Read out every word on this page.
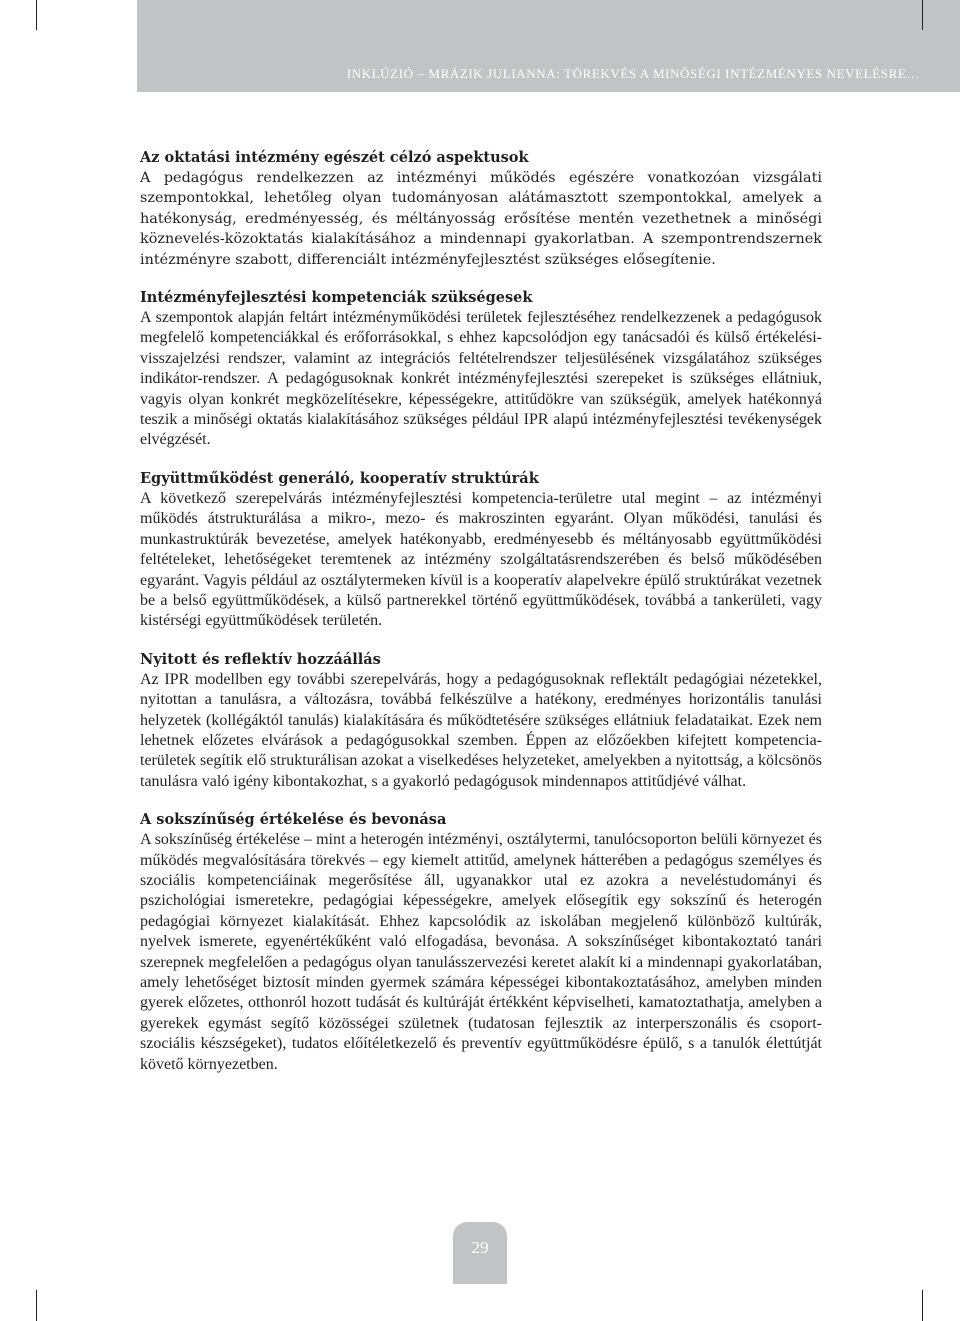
INKLÚZIÓ – MRÁZIK JULIANNA: TÖREKVÉS A MINŐSÉGI INTÉZMÉNYES NEVELÉSRE…
Az oktatási intézmény egészét célzó aspektusok

A pedagógus rendelkezzen az intézményi működés egészére vonatkozóan vizsgálati szempontokkal, lehetőleg olyan tudományosan alátámasztott szempontokkal, amelyek a hatékonyság, eredményesség, és méltányosság erősítése mentén vezethetnek a minőségi köznevelés-közoktatás kialakításához a mindennapi gyakorlatban. A szempontrendszernek intézményre szabott, differenciált intézményfejlesztést szükséges elősegítenie.

Intézményfejlesztési kompetenciák szükségesek

A szempontok alapján feltárt intézményműködési területek fejlesztéséhez rendelkezzenek a pedagógusok megfelelő kompetenciákkal és erőforrásokkal, s ehhez kapcsolódjon egy tanácsadói és külső értékelési-visszajelzési rendszer, valamint az integrációs feltételrendszer teljesülésének vizsgálatához szükséges indikátor-rendszer. A pedagógusoknak konkrét intézményfejlesztési szerepeket is szükséges ellátniuk, vagyis olyan konkrét megközelítésekre, képességekre, attitűdökre van szükségük, amelyek hatékonnyá teszik a minőségi oktatás kialakításához szükséges például IPR alapú intézményfejlesztési tevékenységek elvégzését.

Együttműködést generáló, kooperatív struktúrák

A következő szerepelvárás intézményfejlesztési kompetencia-területre utal megint – az intézményi működés átstrukturálása a mikro-, mezo- és makroszinten egyaránt. Olyan működési, tanulási és munkastruktúrák bevezetése, amelyek hatékonyabb, eredményesebb és méltányosabb együttműködési feltételeket, lehetőségeket teremtenek az intézmény szolgáltatásrendszerében és belső működésében egyaránt. Vagyis például az osztálytermeken kívül is a kooperatív alapelvekre épülő struktúrákat vezetnek be a belső együttműködések, a külső partnerekkel történő együttműködések, továbbá a tankerületi, vagy kistérségi együttműködések területén.

Nyitott és reflektív hozzáállás

Az IPR modellben egy további szerepelvárás, hogy a pedagógusoknak reflektált pedagógiai nézetekkel, nyitottan a tanulásra, a változásra, továbbá felkészülve a hatékony, eredményes horizontális tanulási helyzetek (kollégáktól tanulás) kialakítására és működtetésére szükséges ellátniuk feladataikat. Ezek nem lehetnek előzetes elvárások a pedagógusokkal szemben. Éppen az előzőekben kifejtett kompetencia-területek segítik elő strukturálisan azokat a viselkedéses helyzeteket, amelyekben a nyitottság, a kölcsönös tanulásra való igény kibontakozhat, s a gyakorló pedagógusok mindennapos attitűdjévé válhat.

A sokszínűség értékelése és bevonása

A sokszínűség értékelése – mint a heterogén intézményi, osztálytermi, tanulócsoporton belüli környezet és működés megvalósítására törekvés – egy kiemelt attitűd, amelynek hátterében a pedagógus személyes és szociális kompetenciáinak megerősítése áll, ugyanakkor utal ez azokra a neveléstudományi és pszichológiai ismeretekre, pedagógiai képességekre, amelyek elősegítik egy sokszínű és heterogén pedagógiai környezet kialakítását. Ehhez kapcsolódik az iskolában megjelenő különböző kultúrák, nyelvek ismerete, egyenértékűként való elfogadása, bevonása. A sokszínűséget kibontakoztató tanári szerepnek megfelelően a pedagógus olyan tanulásszervezési keretet alakít ki a mindennapi gyakorlatában, amely lehetőséget biztosít minden gyermek számára képességei kibontakoztatásához, amelyben minden gyerek előzetes, otthonról hozott tudását és kultúráját értékként képviselheti, kamatoztathatja, amelyben a gyerekek egymást segítő közösségei születnek (tudatosan fejlesztik az interperszonális és csoport-szociális készségeket), tudatos előítéletkezelő és preventív együttműködésre épülő, s a tanulók élettútját követő környezetben.

29
